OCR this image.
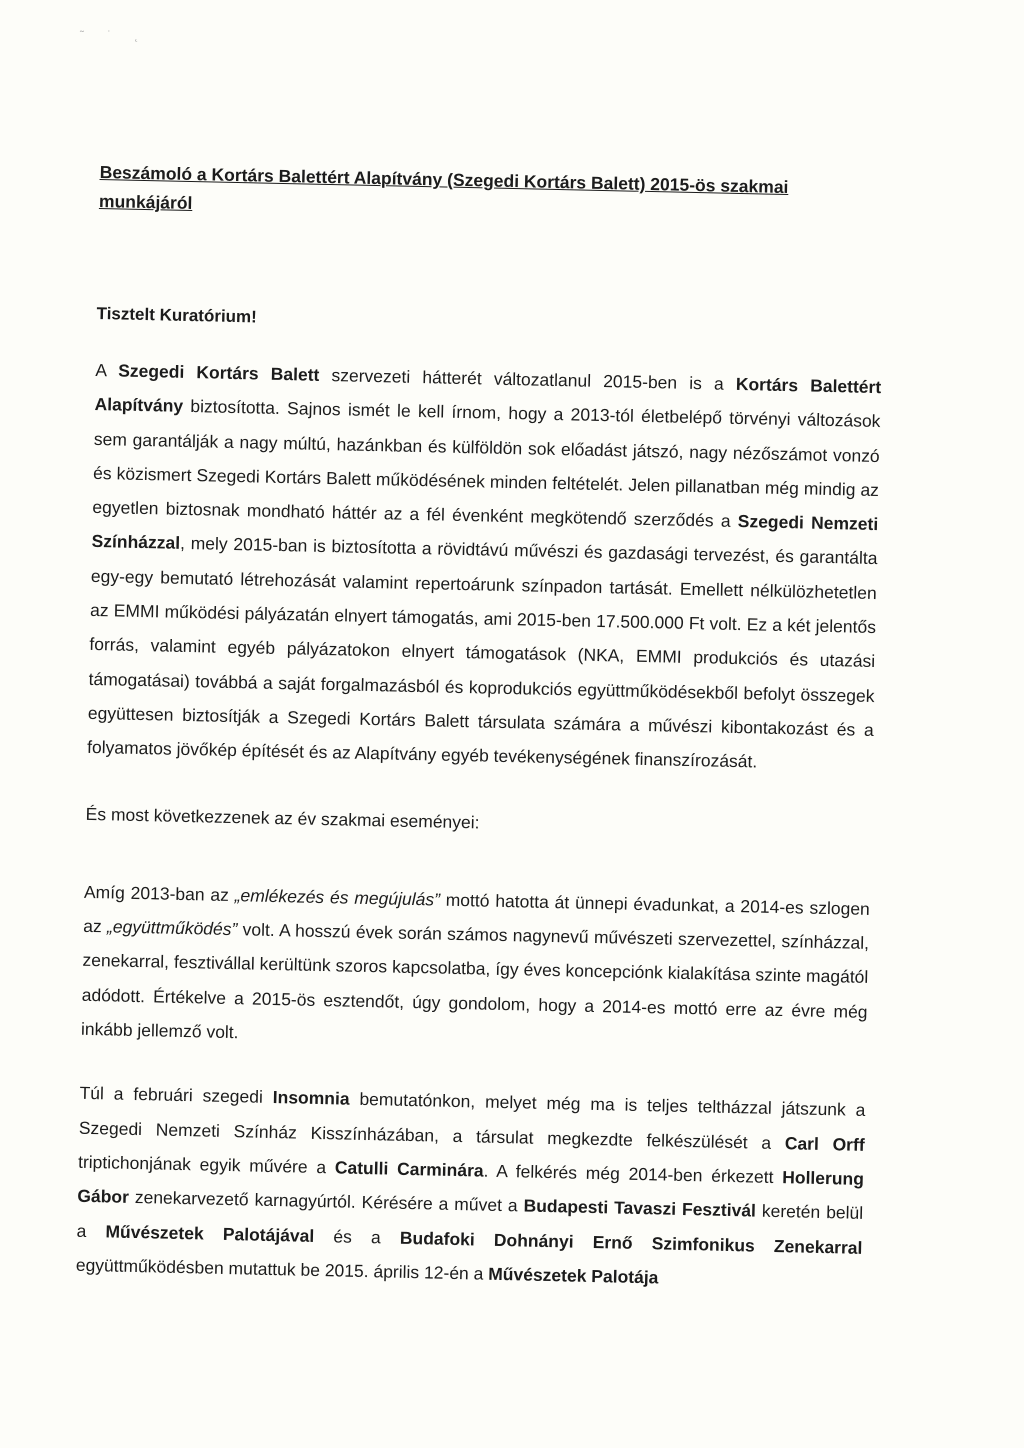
˜ ˙ ˛
Beszámoló a Kortárs Balettért Alapítvány (Szegedi Kortárs Balett) 2015-ös szakmai munkájáról
Tisztelt Kuratórium!

A Szegedi Kortárs Balett szervezeti hátterét változatlanul 2015-ben is a Kortárs Balettért Alapítvány biztosította. Sajnos ismét le kell írnom, hogy a 2013-tól életbelépő törvényi változások sem garantálják a nagy múltú, hazánkban és külföldön sok előadást játszó, nagy nézőszámot vonzó és közismert Szegedi Kortárs Balett működésének minden feltételét. Jelen pillanatban még mindig az egyetlen biztosnak mondható háttér az a fél évenként megkötendő szerződés a Szegedi Nemzeti Színházzal, mely 2015-ban is biztosította a rövidtávú művészi és gazdasági tervezést, és garantálta egy-egy bemutató létrehozását valamint repertoárunk színpadon tartását. Emellett nélkülözhetetlen az EMMI működési pályázatán elnyert támogatás, ami 2015-ben 17.500.000 Ft volt. Ez a két jelentős forrás, valamint egyéb pályázatokon elnyert támogatások (NKA, EMMI produkciós és utazási támogatásai) továbbá a saját forgalmazásból és koprodukciós együttműködésekből befolyt összegek együttesen biztosítják a Szegedi Kortárs Balett társulata számára a művészi kibontakozást és a folyamatos jövőkép építését és az Alapítvány egyéb tevékenységének finanszírozását.

És most következzenek az év szakmai eseményei:

Amíg 2013-ban az „emlékezés és megújulás” mottó hatotta át ünnepi évadunkat, a 2014-es szlogen az „együttműködés” volt. A hosszú évek során számos nagynevű művészeti szervezettel, színházzal, zenekarral, fesztivállal kerültünk szoros kapcsolatba, így éves koncepciónk kialakítása szinte magától adódott. Értékelve a 2015-ös esztendőt, úgy gondolom, hogy a 2014-es mottó erre az évre még inkább jellemző volt.

Túl a februári szegedi Insomnia bemutatónkon, melyet még ma is teljes teltházzal játszunk a Szegedi Nemzeti Színház Kisszínházában, a társulat megkezdte felkészülését a Carl Orff triptichonjának egyik művére a Catulli Carminára. A felkérés még 2014-ben érkezett Hollerung Gábor zenekarvezető karnagyúrtól. Kérésére a művet a Budapesti Tavaszi Fesztivál keretén belül a Művészetek Palotájával és a Budafoki Dohnányi Ernő Szimfonikus Zenekarral együttműködésben mutattuk be 2015. április 12-én a Művészetek Palotája
